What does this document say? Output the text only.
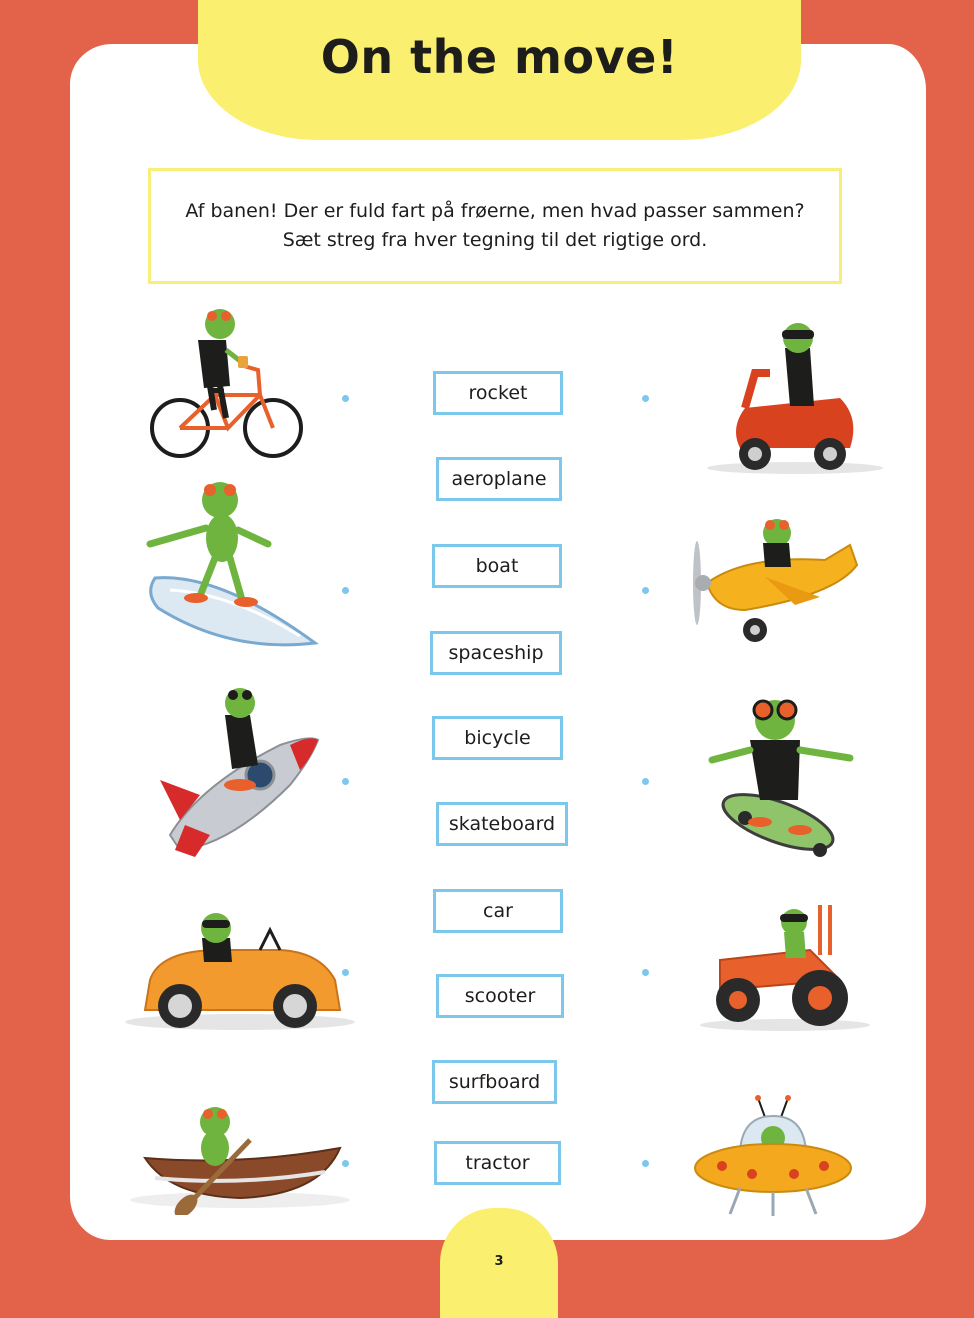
On the move!
Af banen! Der er fuld fart på frøerne, men hvad passer sammen?
Sæt streg fra hver tegning til det rigtige ord.
rocket
aeroplane
boat
spaceship
bicycle
skateboard
car
scooter
surfboard
tractor
3
